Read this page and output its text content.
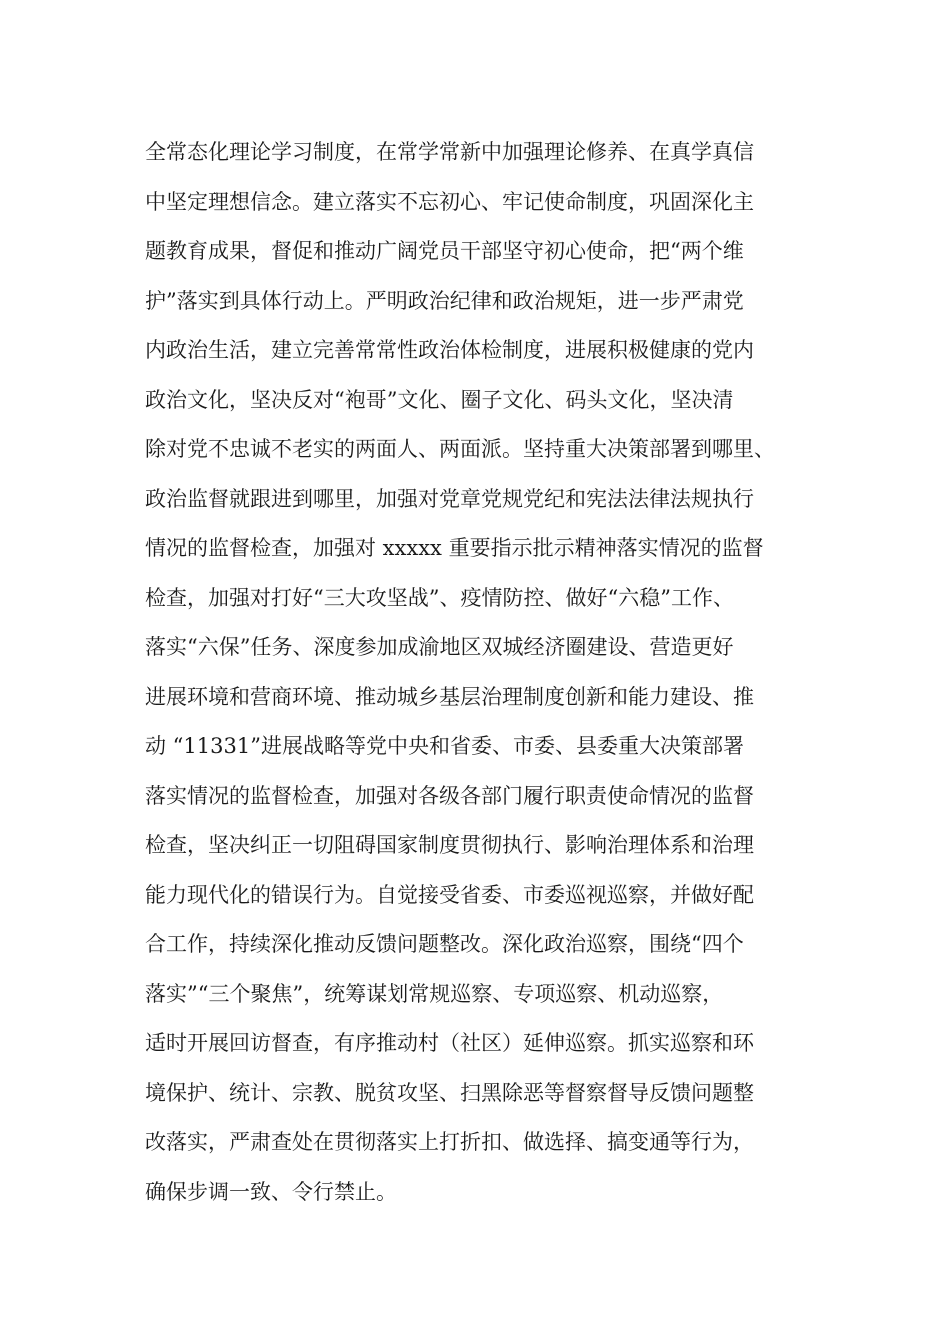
全常态化理论学习制度，在常学常新中加强理论修养、在真学真信
中坚定理想信念。建立落实不忘初心、牢记使命制度，巩固深化主
题教育成果，督促和推动广阔党员干部坚守初心使命，把“两个维
护”落实到具体行动上。严明政治纪律和政治规矩，进一步严肃党
内政治生活，建立完善常常性政治体检制度，进展积极健康的党内
政治文化，坚决反对“袍哥”文化、圈子文化、码头文化，坚决清
除对党不忠诚不老实的两面人、两面派。坚持重大决策部署到哪里、
政治监督就跟进到哪里，加强对党章党规党纪和宪法法律法规执行
情况的监督检查，加强对 xxxxx 重要指示批示精神落实情况的监督
检查，加强对打好“三大攻坚战”、疫情防控、做好“六稳”工作、
落实“六保”任务、深度参加成渝地区双城经济圈建设、营造更好
进展环境和营商环境、推动城乡基层治理制度创新和能力建设、推
动 “11331”进展战略等党中央和省委、市委、县委重大决策部署
落实情况的监督检查，加强对各级各部门履行职责使命情况的监督
检查，坚决纠正一切阻碍国家制度贯彻执行、影响治理体系和治理
能力现代化的错误行为。自觉接受省委、市委巡视巡察，并做好配
合工作，持续深化推动反馈问题整改。深化政治巡察，围绕“四个
落实”“三个聚焦”，统筹谋划常规巡察、专项巡察、机动巡察，
适时开展回访督查，有序推动村（社区）延伸巡察。抓实巡察和环
境保护、统计、宗教、脱贫攻坚、扫黑除恶等督察督导反馈问题整
改落实，严肃查处在贯彻落实上打折扣、做选择、搞变通等行为，
确保步调一致、令行禁止。
